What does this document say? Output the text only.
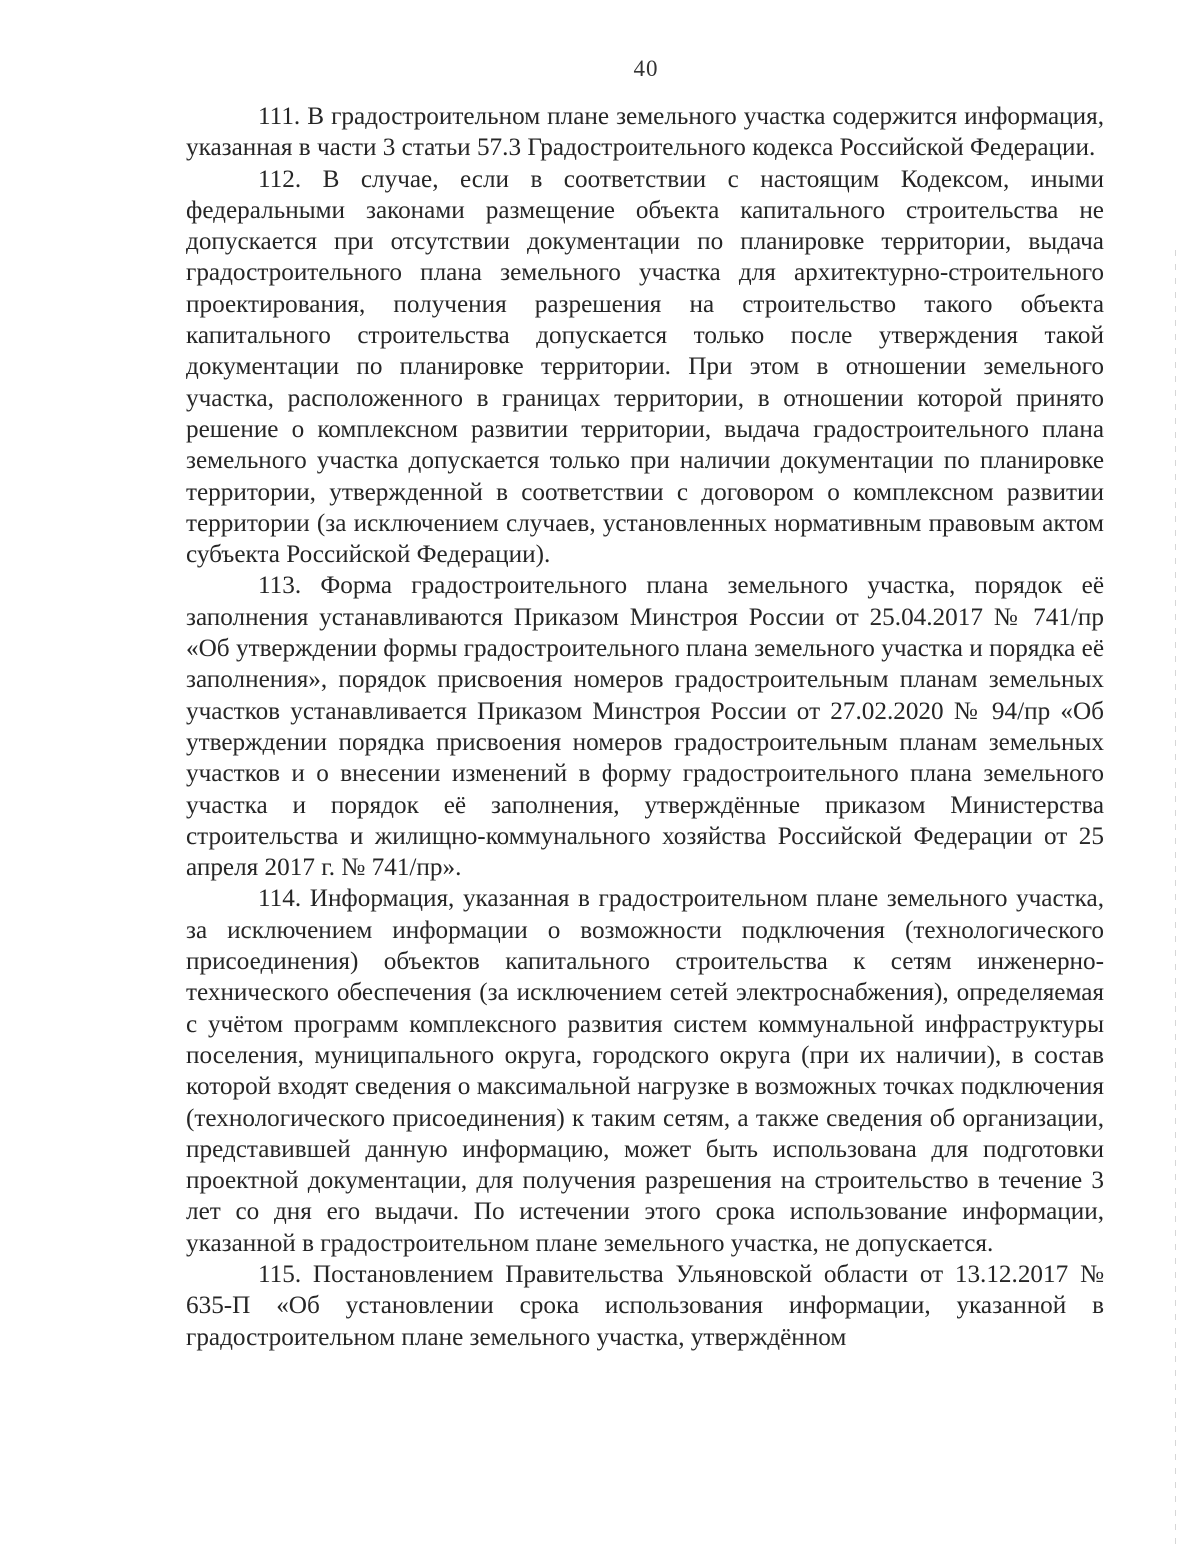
40

111. В градостроительном плане земельного участка содержится информация, указанная в части 3 статьи 57.3 Градостроительного кодекса Российской Федерации.

112. В случае, если в соответствии с настоящим Кодексом, иными федеральными законами размещение объекта капитального строительства не допускается при отсутствии документации по планировке территории, выдача градостроительного плана земельного участка для архитектурно-строительного проектирования, получения разрешения на строительство такого объекта капитального строительства допускается только после утверждения такой документации по планировке территории. При этом в отношении земельного участка, расположенного в границах территории, в отношении которой принято решение о комплексном развитии территории, выдача градостроительного плана земельного участка допускается только при наличии документации по планировке территории, утвержденной в соответствии с договором о комплексном развитии территории (за исключением случаев, установленных нормативным правовым актом субъекта Российской Федерации).

113. Форма градостроительного плана земельного участка, порядок её заполнения устанавливаются Приказом Минстроя России от 25.04.2017 № 741/пр «Об утверждении формы градостроительного плана земельного участка и порядка её заполнения», порядок присвоения номеров градостроительным планам земельных участков устанавливается Приказом Минстроя России от 27.02.2020 № 94/пр «Об утверждении порядка присвоения номеров градостроительным планам земельных участков и о внесении изменений в форму градостроительного плана земельного участка и порядок её заполнения, утверждённые приказом Министерства строительства и жилищно-коммунального хозяйства Российской Федерации от 25 апреля 2017 г. № 741/пр».

114. Информация, указанная в градостроительном плане земельного участка, за исключением информации о возможности подключения (технологического присоединения) объектов капитального строительства к сетям инженерно-технического обеспечения (за исключением сетей электроснабжения), определяемая с учётом программ комплексного развития систем коммунальной инфраструктуры поселения, муниципального округа, городского округа (при их наличии), в состав которой входят сведения о максимальной нагрузке в возможных точках подключения (технологического присоединения) к таким сетям, а также сведения об организации, представившей данную информацию, может быть использована для подготовки проектной документации, для получения разрешения на строительство в течение 3 лет со дня его выдачи. По истечении этого срока использование информации, указанной в градостроительном плане земельного участка, не допускается.

115. Постановлением Правительства Ульяновской области от 13.12.2017 № 635-П «Об установлении срока использования информации, указанной в градостроительном плане земельного участка, утверждённом
